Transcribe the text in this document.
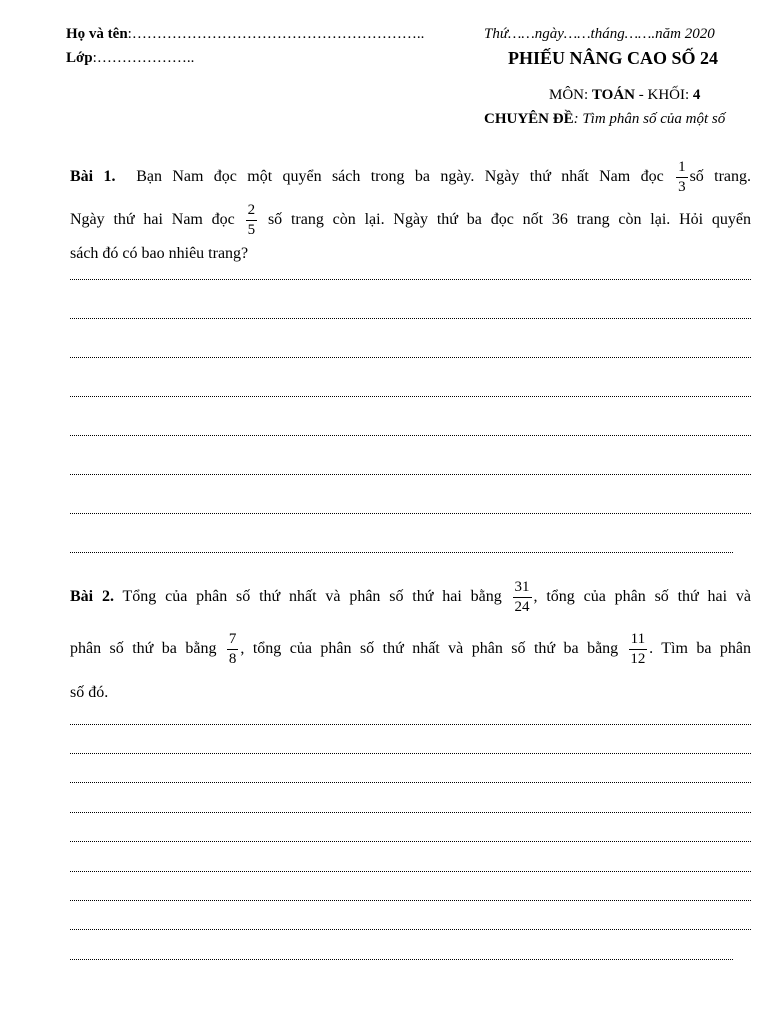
Họ và tên:…………………………………………………..	Thứ……ngày……tháng…….năm 2020
Lớp:………………..	PHIẾU NÂNG CAO SỐ 24
MÔN: TOÁN - KHỐI: 4
CHUYÊN ĐỀ: Tìm phân số của một số
Bài 1. Bạn Nam đọc một quyển sách trong ba ngày. Ngày thứ nhất Nam đọc $\frac{1}{3}$ số trang.
Ngày thứ hai Nam đọc $\frac{2}{5}$ số trang còn lại. Ngày thứ ba đọc nốt 36 trang còn lại. Hỏi quyển
sách đó có bao nhiêu trang?
Bài 2. Tổng của phân số thứ nhất và phân số thứ hai bằng $\frac{31}{24}$ , tổng của phân số thứ hai và
phân số thứ ba bằng $\frac{7}{8}$ , tổng của phân số thứ nhất và phân số thứ ba bằng $\frac{11}{12}$ . Tìm ba phân
số đó.
